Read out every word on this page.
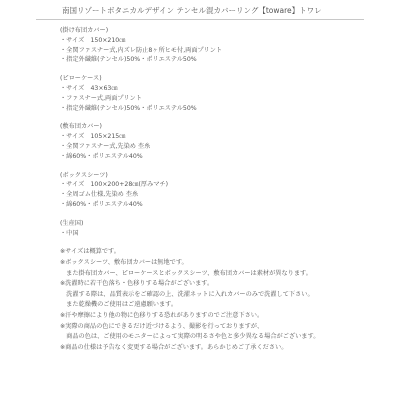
南国リゾートボタニカルデザイン テンセル混カバーリング【toware】トワレ
(掛け布団カバー)
・サイズ　150×210㎝
・全関ファスナー式,内ズレ防止8ヶ所ヒモ付,両面プリント
・指定外繊維(テンセル)50%・ポリエステル50%
(ピローケース)
・サイズ　43×63㎝
・ファスナー式,両面プリント
・指定外繊維(テンセル)50%・ポリエステル50%
(敷布団カバー)
・サイズ　105×215㎝
・全関ファスナー式,先染め 杢糸
・綿60%・ポリエステル40%
(ボックスシーツ)
・サイズ　100×200+28㎝(厚みマチ)
・全周ゴム仕様,先染め 杢糸
・綿60%・ポリエステル40%
(生産国)
・中国
※サイズは概算です。
※ボックスシーツ、敷布団カバーは無地です。
　また掛布団カバー、ピローケースとボックスシーツ、敷布団カバーは素材が異なります。
※洗濯時に若干色落ち・色移りする場合がございます。
　洗濯する際は、品質表示をご確認の上、洗濯ネットに入れカバーのみで洗濯して下さい。
　また乾燥機のご使用はご遠慮願います。
※汗や摩擦により他の物に色移りする恐れがありますのでご注意下さい。
※実際の商品の色にできるだけ近づけるよう、撮影を行っておりますが、
　商品の色は、ご使用のモニターによって実際の明るさや色と多少異なる場合がございます。
※商品の仕様は予告なく変更する場合がございます。あらかじめご了承ください。
